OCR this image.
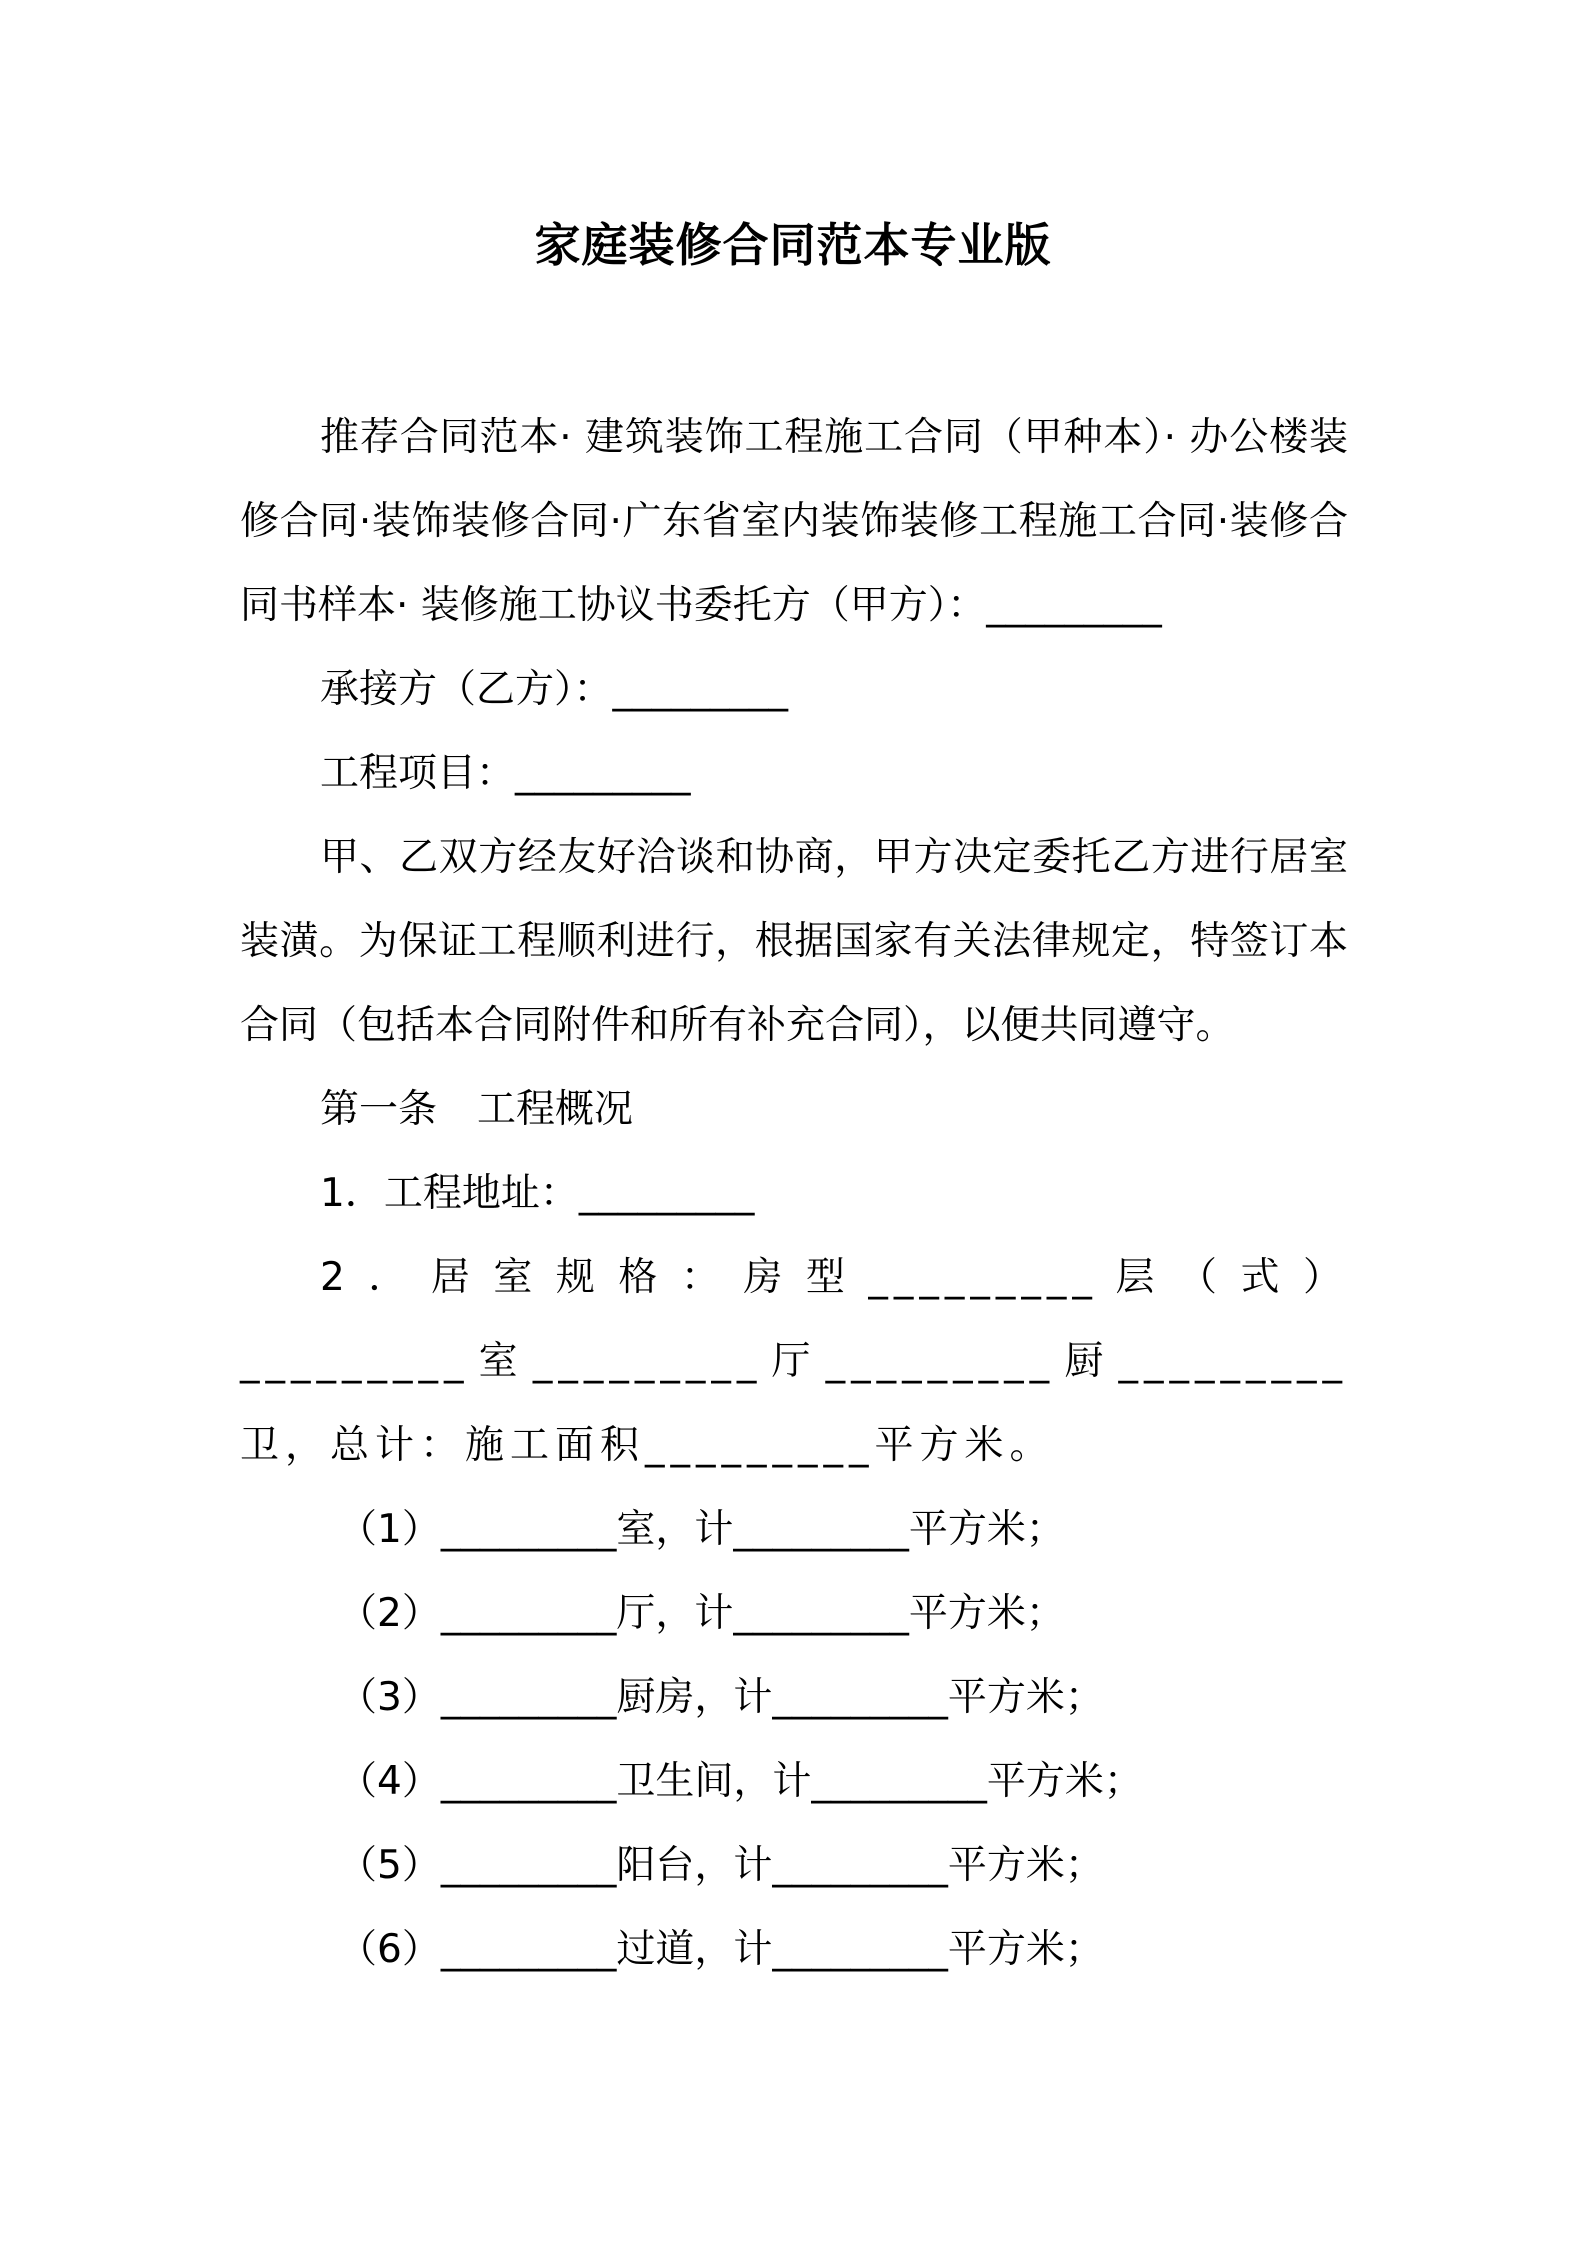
家庭装修合同范本专业版

推荐合同范本· 建筑装饰工程施工合同（甲种本）· 办公楼装修合同·装饰装修合同·广东省室内装饰装修工程施工合同·装修合同书样本· 装修施工协议书委托方（甲方）：_________

承接方（乙方）：_________

工程项目：_________

甲、乙双方经友好洽谈和协商，甲方决定委托乙方进行居室装潢。为保证工程顺利进行，根据国家有关法律规定，特签订本合同（包括本合同附件和所有补充合同），以便共同遵守。

第一条 工程概况

1．工程地址：_________

2．居室规格：房型_________层（式）_________室_________厅_________厨_________卫，总计：施工面积_________平方米。

（1）_________室，计_________平方米；

（2）_________厅，计_________平方米；

（3）_________厨房，计_________平方米；

（4）_________卫生间，计_________平方米；

（5）_________阳台，计_________平方米；

（6）_________过道，计_________平方米；
